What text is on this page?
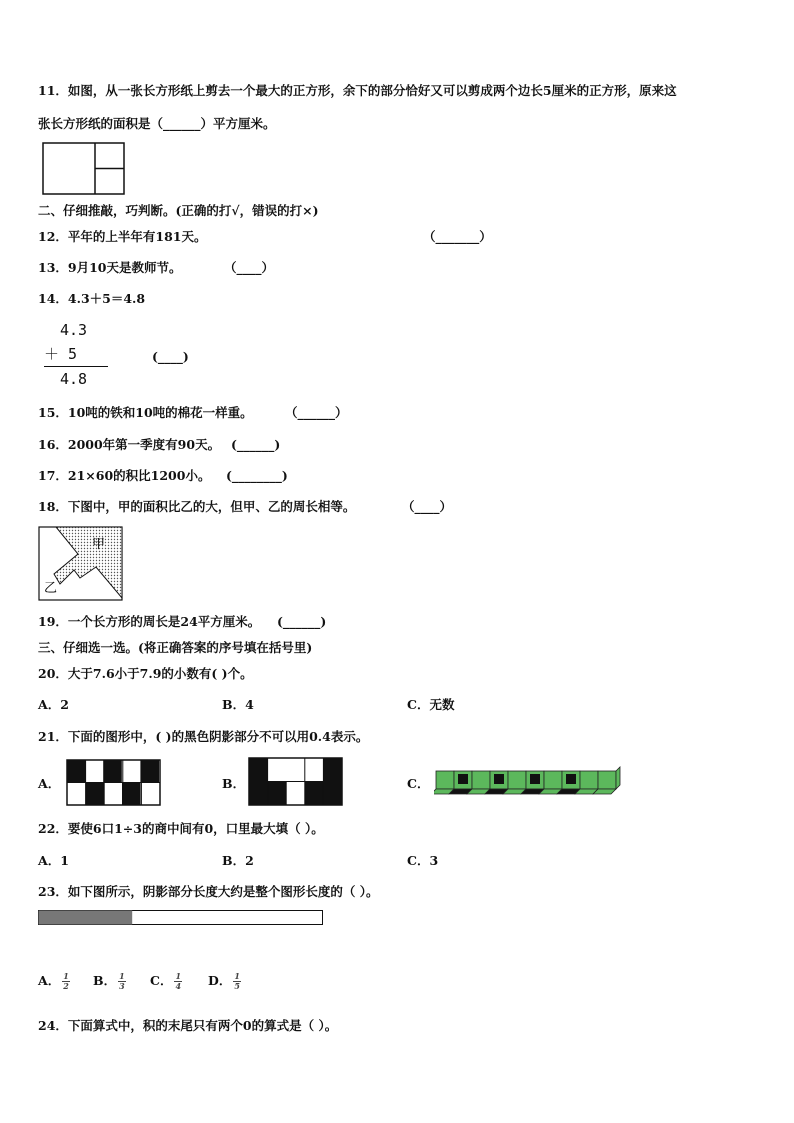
11．如图，从一张长方形纸上剪去一个最大的正方形，余下的部分恰好又可以剪成两个边长5厘米的正方形，原来这
张长方形纸的面积是（______）平方厘米。
二、仔细推敲，巧判断。(正确的打√，错误的打×)
12．平年的上半年有181天。	（_______）
13．9月10天是教师节。	（____）
14．4.3＋5＝4.8
4.3
＋ 5
4.8
(____)
15．10吨的铁和10吨的棉花一样重。	（______）
16．2000年第一季度有90天。 (______)
17．21×60的积比1200小。 (________)
18．下图中，甲的面积比乙的大，但甲、乙的周长相等。	（____）
甲
乙
19．一个长方形的周长是24平方厘米。 (______)
三、仔细选一选。(将正确答案的序号填在括号里)
20．大于7.6小于7.9的小数有( )个。
A．2	B．4	C．无数
21．下面的图形中，( )的黑色阴影部分不可以用0.4表示。
A．	B．	C．
22．要使6口1÷3的商中间有0，口里最大填（ ）。
A．1	B．2	C．3
23．如下图所示，阴影部分长度大约是整个图形长度的（ ）。
A． $\frac{1}{2}$ B． $\frac{1}{3}$ C． $\frac{1}{4}$ D． $\frac{1}{5}$
24．下面算式中，积的末尾只有两个0的算式是（ ）。
